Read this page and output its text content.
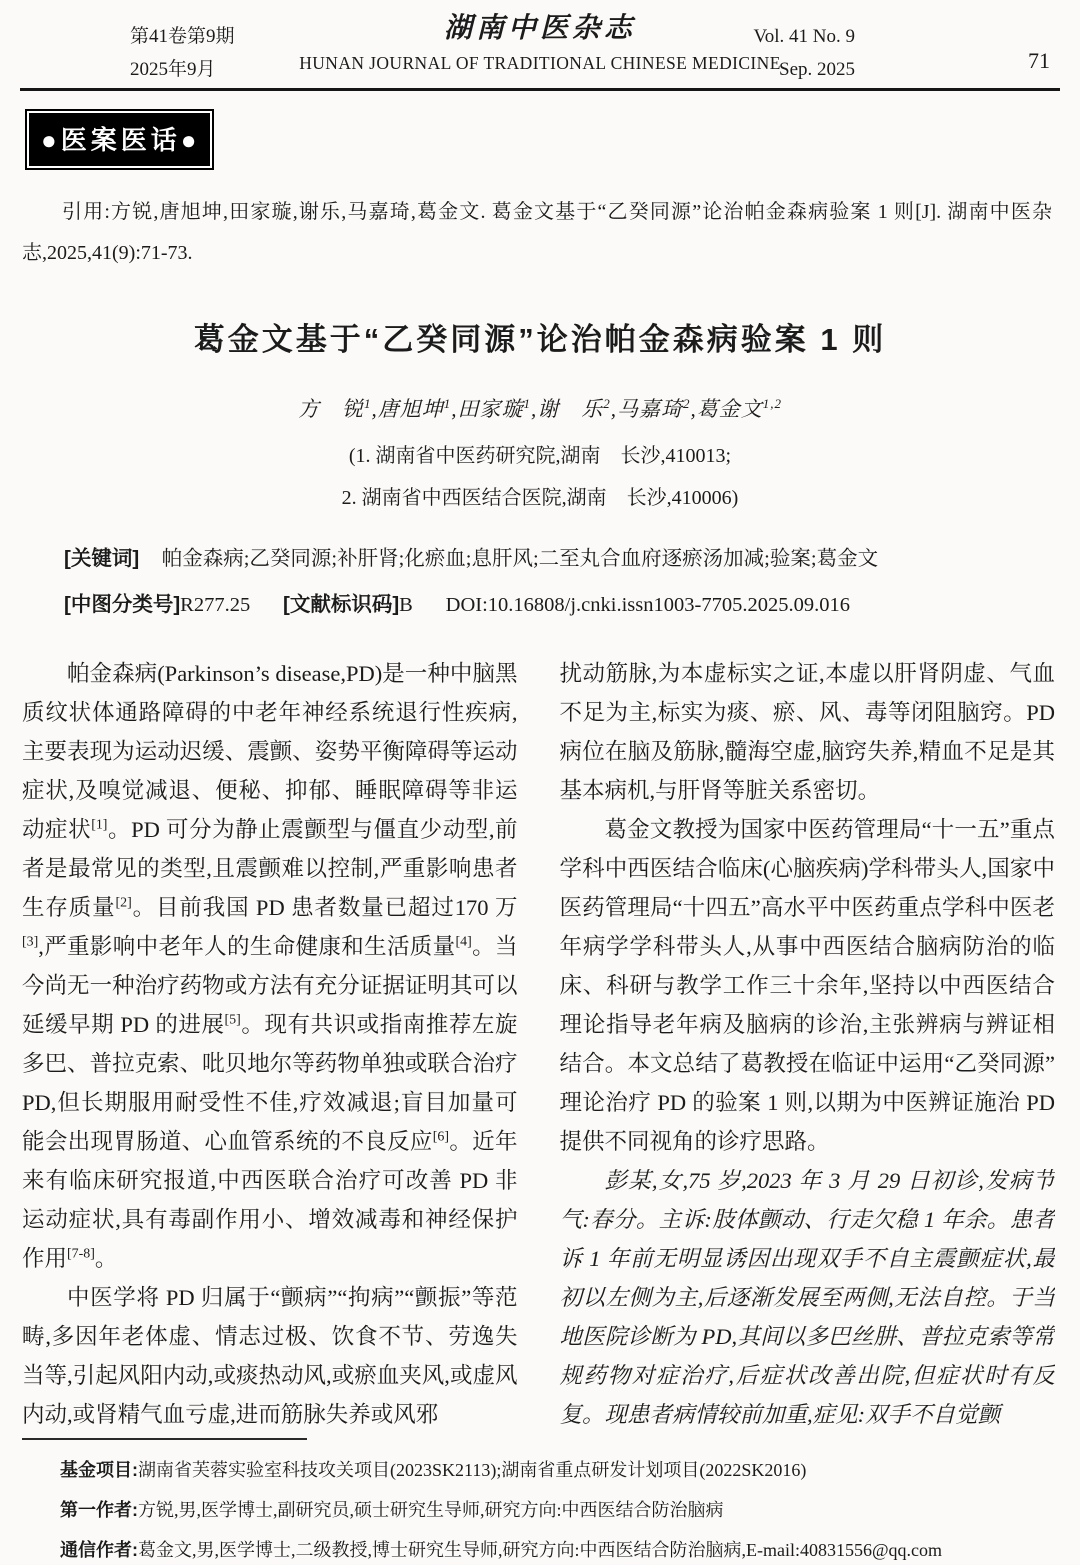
第41卷第9期
2025年9月
湖南中医杂志
HUNAN JOURNAL OF TRADITIONAL CHINESE MEDICINE
Vol. 41 No. 9
Sep. 2025	71
●医案医话●

引用:方锐,唐旭坤,田家璇,谢乐,马嘉琦,葛金文. 葛金文基于“乙癸同源”论治帕金森病验案 1 则[J]. 湖南中医杂志,2025,41(9):71-73.

葛金文基于“乙癸同源”论治帕金森病验案 1 则

方　锐$^1$,唐旭坤$^1$,田家璇$^1$,谢　乐$^2$,马嘉琦$^2$,葛金文$^{1,2}$

(1. 湖南省中医药研究院,湖南　长沙,410013;

2. 湖南省中西医结合医院,湖南　长沙,410006)

[关键词] 帕金森病;乙癸同源;补肝肾;化瘀血;息肝风;二至丸合血府逐瘀汤加减;验案;葛金文

[中图分类号]R277.25 [文献标识码]B DOI:10.16808/j.cnki.issn1003-7705.2025.09.016

帕金森病(Parkinson’s disease,PD)是一种中脑黑质纹状体通路障碍的中老年神经系统退行性疾病,主要表现为运动迟缓、震颤、姿势平衡障碍等运动症状,及嗅觉减退、便秘、抑郁、睡眠障碍等非运动症状[1]。PD 可分为静止震颤型与僵直少动型,前者是最常见的类型,且震颤难以控制,严重影响患者生存质量[2]。目前我国 PD 患者数量已超过170 万[3],严重影响中老年人的生命健康和生活质量[4]。当今尚无一种治疗药物或方法有充分证据证明其可以延缓早期 PD 的进展[5]。现有共识或指南推荐左旋多巴、普拉克索、吡贝地尔等药物单独或联合治疗 PD,但长期服用耐受性不佳,疗效减退;盲目加量可能会出现胃肠道、心血管系统的不良反应[6]。近年来有临床研究报道,中西医联合治疗可改善 PD 非运动症状,具有毒副作用小、增效减毒和神经保护作用[7-8]。

中医学将 PD 归属于“颤病”“拘病”“颤振”等范畴,多因年老体虚、情志过极、饮食不节、劳逸失当等,引起风阳内动,或痰热动风,或瘀血夹风,或虚风内动,或肾精气血亏虚,进而筋脉失养或风邪

扰动筋脉,为本虚标实之证,本虚以肝肾阴虚、气血不足为主,标实为痰、瘀、风、毒等闭阻脑窍。PD 病位在脑及筋脉,髓海空虚,脑窍失养,精血不足是其基本病机,与肝肾等脏关系密切。

葛金文教授为国家中医药管理局“十一五”重点学科中西医结合临床(心脑疾病)学科带头人,国家中医药管理局“十四五”高水平中医药重点学科中医老年病学学科带头人,从事中西医结合脑病防治的临床、科研与教学工作三十余年,坚持以中西医结合理论指导老年病及脑病的诊治,主张辨病与辨证相结合。本文总结了葛教授在临证中运用“乙癸同源”理论治疗 PD 的验案 1 则,以期为中医辨证施治 PD 提供不同视角的诊疗思路。

彭某,女,75 岁,2023 年 3 月 29 日初诊,发病节气:春分。主诉:肢体颤动、行走欠稳 1 年余。患者诉 1 年前无明显诱因出现双手不自主震颤症状,最初以左侧为主,后逐渐发展至两侧,无法自控。于当地医院诊断为 PD,其间以多巴丝肼、普拉克索等常规药物对症治疗,后症状改善出院,但症状时有反复。现患者病情较前加重,症见:双手不自觉颤

基金项目:湖南省芙蓉实验室科技攻关项目(2023SK2113);湖南省重点研发计划项目(2022SK2016)

第一作者:方锐,男,医学博士,副研究员,硕士研究生导师,研究方向:中西医结合防治脑病

通信作者:葛金文,男,医学博士,二级教授,博士研究生导师,研究方向:中西医结合防治脑病,E-mail:40831556@qq.com
